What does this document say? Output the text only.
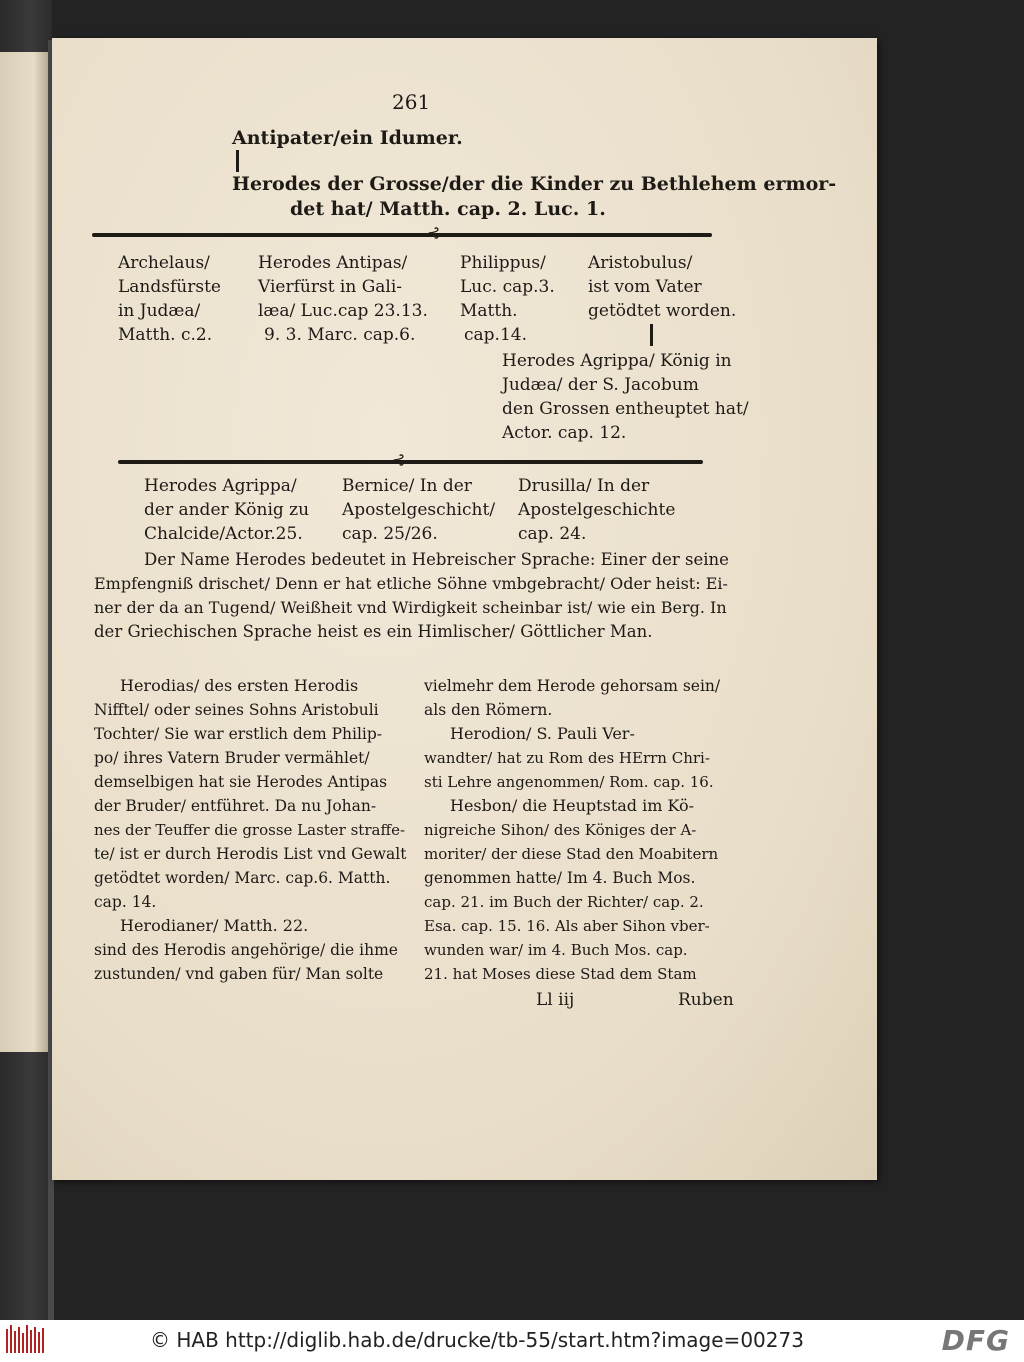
261
Antipater/ein Idumer.
Herodes der Grosse/der die Kinder zu Bethlehem ermor-
det hat/ Matth. cap. 2. Luc. 1.
⊰
Archelaus/
Landsfürste
in Judæa/
Matth. c.2.
Herodes Antipas/
Vierfürst in Gali-
læa/ Luc.cap 23.13.
9. 3. Marc. cap.6.
Philippus/
Luc. cap.3.
Matth.
cap.14.
Aristobulus/
ist vom Vater
getödtet worden.
Herodes Agrippa/ König in
Judæa/ der S. Jacobum
den Grossen entheuptet hat/
Actor. cap. 12.
⊰
Herodes Agrippa/
der ander König zu
Chalcide/Actor.25.
Bernice/ In der
Apostelgeschicht/
cap. 25/26.
Drusilla/ In der
Apostelgeschichte
cap. 24.
Der Name Herodes bedeutet in Hebreischer Sprache: Einer der seine
Empfengniß drischet/ Denn er hat etliche Söhne vmbgebracht/ Oder heist: Ei-
ner der da an Tugend/ Weißheit vnd Wirdigkeit scheinbar ist/ wie ein Berg. In
der Griechischen Sprache heist es ein Himlischer/ Göttlicher Man.
Herodias/ des ersten Herodis
Nifftel/ oder seines Sohns Aristobuli
Tochter/ Sie war erstlich dem Philip-
po/ ihres Vatern Bruder vermählet/
demselbigen hat sie Herodes Antipas
der Bruder/ entführet. Da nu Johan-
nes der Teuffer die grosse Laster straffe-
te/ ist er durch Herodis List vnd Gewalt
getödtet worden/ Marc. cap.6. Matth.
cap. 14.
Herodianer/ Matth. 22.
sind des Herodis angehörige/ die ihme
zustunden/ vnd gaben für/ Man solte
vielmehr dem Herode gehorsam sein/
als den Römern.
Herodion/ S. Pauli Ver-
wandter/ hat zu Rom des HErrn Chri-
sti Lehre angenommen/ Rom. cap. 16.
Hesbon/ die Heuptstad im Kö-
nigreiche Sihon/ des Königes der A-
moriter/ der diese Stad den Moabitern
genommen hatte/ Im 4. Buch Mos.
cap. 21. im Buch der Richter/ cap. 2.
Esa. cap. 15. 16. Als aber Sihon vber-
wunden war/ im 4. Buch Mos. cap.
21. hat Moses diese Stad dem Stam
Ll iij	Ruben
© HAB http://diglib.hab.de/drucke/tb-55/start.htm?image=00273	DFG
